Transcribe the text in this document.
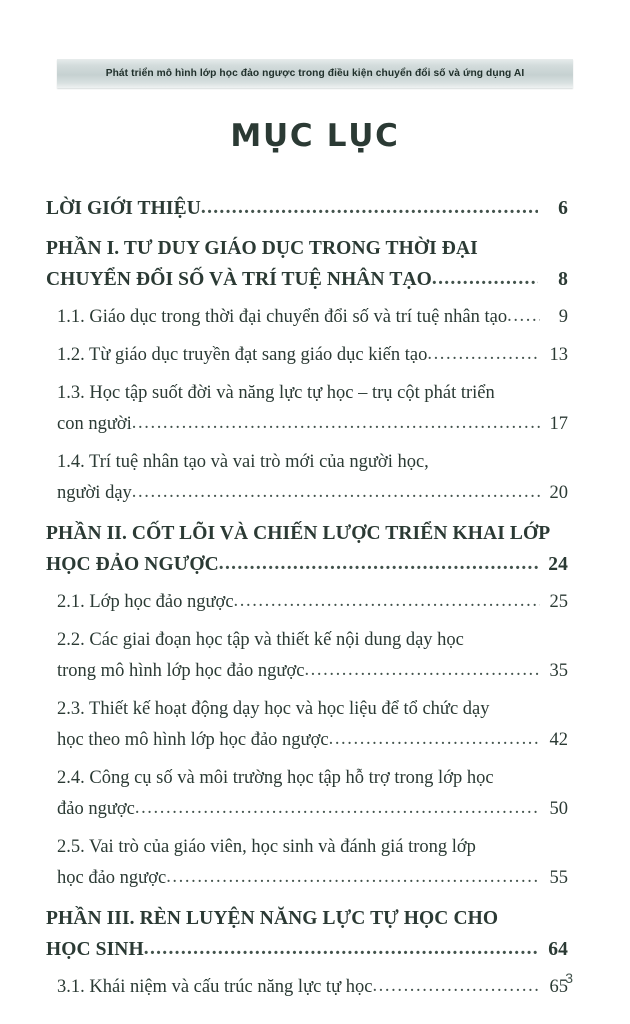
Phát triển mô hình lớp học đảo ngược trong điều kiện chuyển đổi số và ứng dụng AI
MỤC LỤC
LỜI GIỚI THIỆU .....	6
PHẦN I. TƯ DUY GIÁO DỤC TRONG THỜI ĐẠI
CHUYỂN ĐỔI SỐ VÀ TRÍ TUỆ NHÂN TẠO .....	8
1.1. Giáo dục trong thời đại chuyển đổi số và trí tuệ nhân tạo .....	9
1.2. Từ giáo dục truyền đạt sang giáo dục kiến tạo .....	13
1.3. Học tập suốt đời và năng lực tự học – trụ cột phát triển
con người .....	17
1.4. Trí tuệ nhân tạo và vai trò mới của người học,
người dạy .....	20
PHẦN II. CỐT LÕI VÀ CHIẾN LƯỢC TRIỂN KHAI LỚP
HỌC ĐẢO NGƯỢC .....	24
2.1. Lớp học đảo ngược .....	25
2.2. Các giai đoạn học tập và thiết kế nội dung dạy học
trong mô hình lớp học đảo ngược .....	35
2.3. Thiết kế hoạt động dạy học và học liệu để tổ chức dạy
học theo mô hình lớp học đảo ngược .....	42
2.4. Công cụ số và môi trường học tập hỗ trợ trong lớp học
đảo ngược .....	50
2.5. Vai trò của giáo viên, học sinh và đánh giá trong lớp
học đảo ngược .....	55
PHẦN III. RÈN LUYỆN NĂNG LỰC TỰ HỌC CHO
HỌC SINH .....	64
3.1. Khái niệm và cấu trúc năng lực tự học .....	65
3
